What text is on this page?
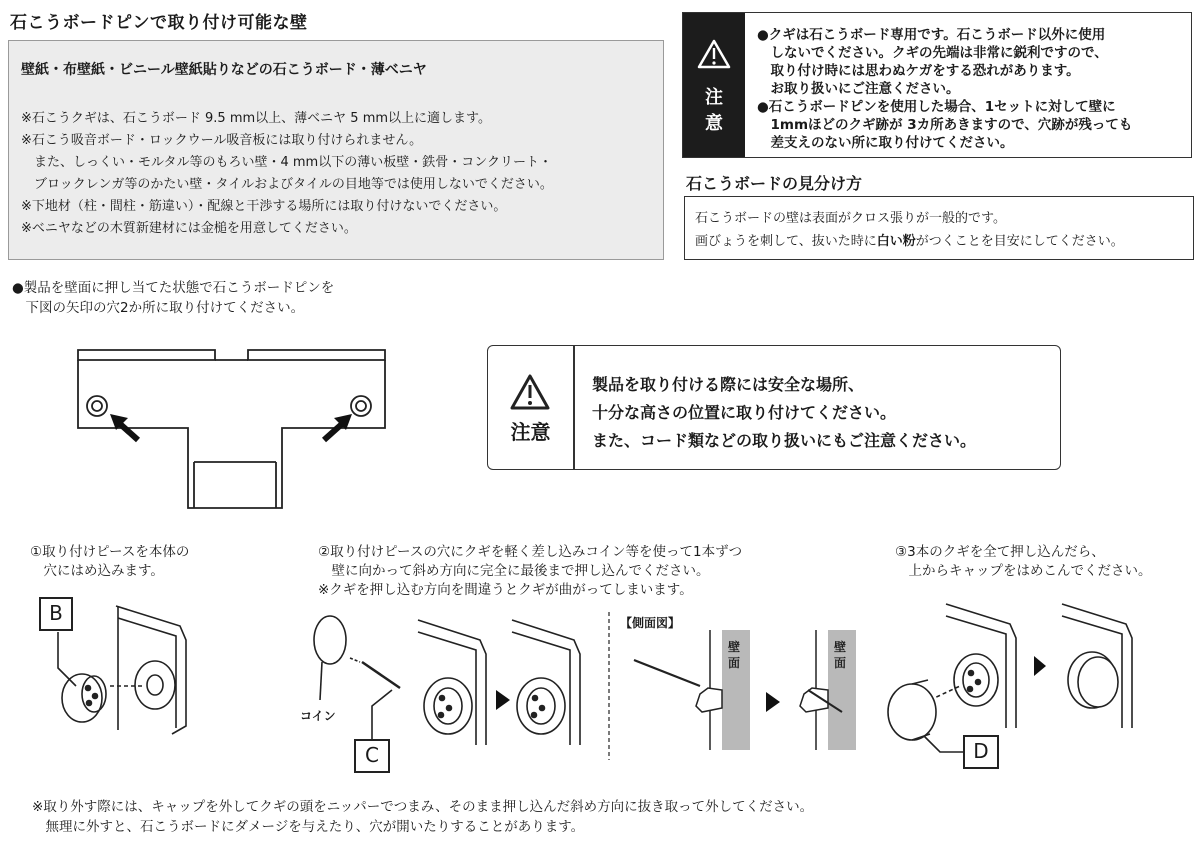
石こうボードピンで取り付け可能な壁
壁紙・布壁紙・ビニール壁紙貼りなどの石こうボード・薄ベニヤ
※石こうクギは、石こうボード 9.5 mm以上、薄ベニヤ 5 mm以上に適します。
※石こう吸音ボード・ロックウール吸音板には取り付けられません。
　また、しっくい・モルタル等のもろい壁・4 mm以下の薄い板壁・鉄骨・コンクリート・
　ブロックレンガ等のかたい壁・タイルおよびタイルの目地等では使用しないでください。
※下地材（柱・間柱・筋違い）・配線と干渉する場所には取り付けないでください。
※ベニヤなどの木質新建材には金槌を用意してください。
注
意
●クギは石こうボード専用です。石こうボード以外に使用
　しないでください。クギの先端は非常に鋭利ですので、
　取り付け時には思わぬケガをする恐れがあります。
　お取り扱いにご注意ください。
●石こうボードピンを使用した場合、1セットに対して壁に
　1mmほどのクギ跡が 3カ所あきますので、穴跡が残っても
　差支えのない所に取り付けてください。
石こうボードの見分け方
石こうボードの壁は表面がクロス張りが一般的です。
画びょうを刺して、抜いた時に白い粉がつくことを目安にしてください。
●製品を壁面に押し当てた状態で石こうボードピンを
　下図の矢印の穴2か所に取り付けてください。
注意
製品を取り付ける際には安全な場所、
十分な高さの位置に取り付けてください。
また、コード類などの取り扱いにもご注意ください。
①取り付けピースを本体の
　穴にはめ込みます。
②取り付けピースの穴にクギを軽く差し込みコイン等を使って1本ずつ
　壁に向かって斜め方向に完全に最後まで押し込んでください。
※クギを押し込む方向を間違うとクギが曲がってしまいます。
③3本のクギを全て押し込んだら、
　上からキャップをはめこんでください。
B
C	D
コイン
【側面図】
壁
面
壁
面
※取り外す際には、キャップを外してクギの頭をニッパーでつまみ、そのまま押し込んだ斜め方向に抜き取って外してください。
　無理に外すと、石こうボードにダメージを与えたり、穴が開いたりすることがあります。
